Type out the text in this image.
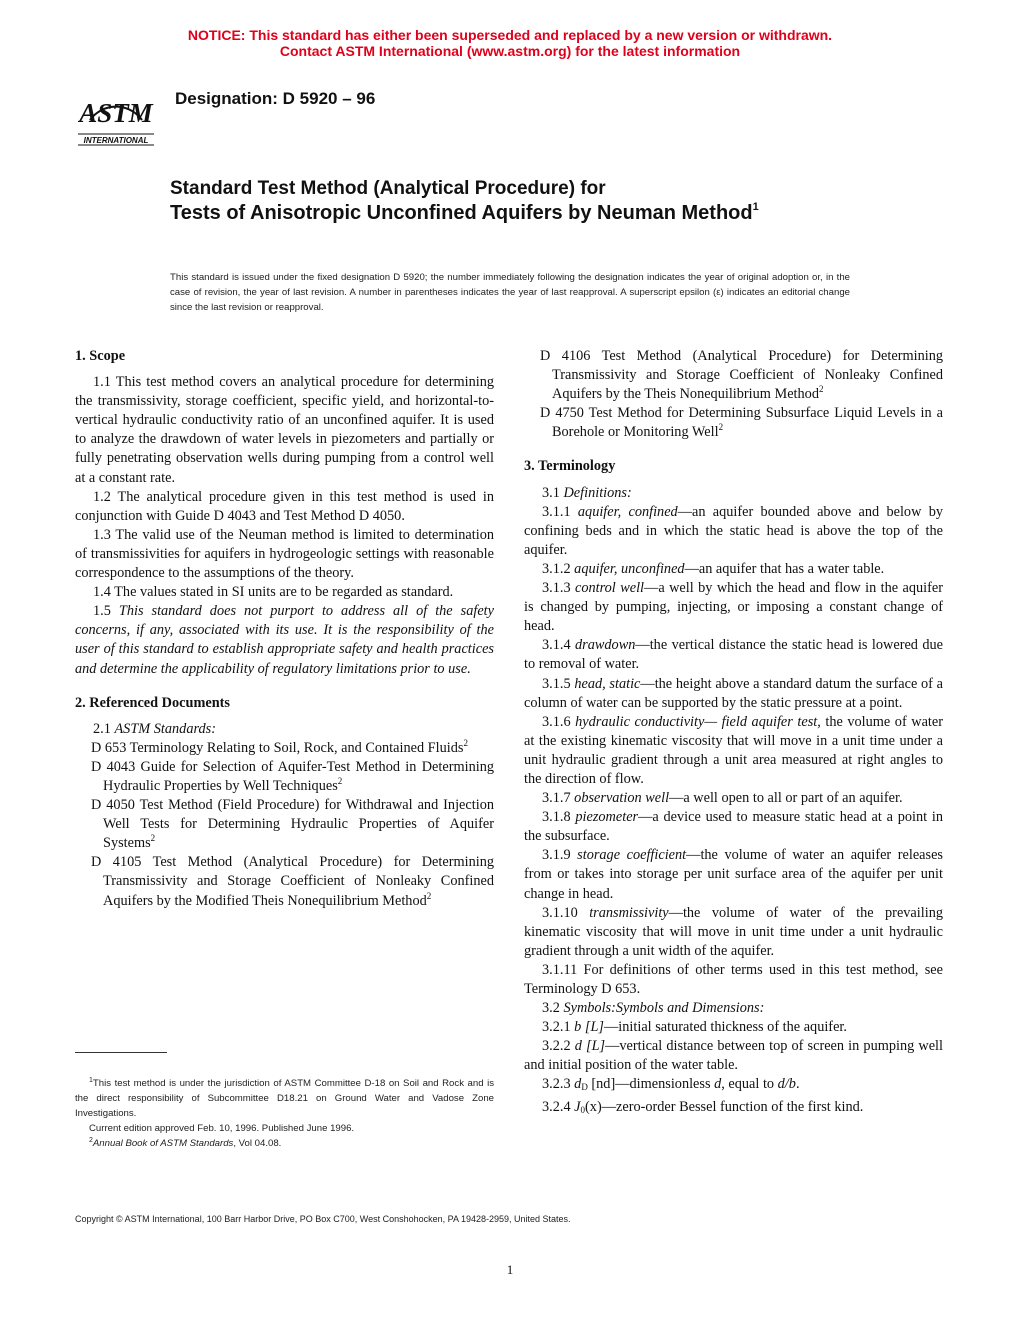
NOTICE: This standard has either been superseded and replaced by a new version or withdrawn.
Contact ASTM International (www.astm.org) for the latest information
ASTM
INTERNATIONAL
Designation: D 5920 – 96
Standard Test Method (Analytical Procedure) for
Tests of Anisotropic Unconfined Aquifers by Neuman Method$^1$
This standard is issued under the fixed designation D 5920; the number immediately following the designation indicates the year of original adoption or, in the case of revision, the year of last revision. A number in parentheses indicates the year of last reapproval. A superscript epsilon (ε) indicates an editorial change since the last revision or reapproval.
1. Scope
1.1 This test method covers an analytical procedure for determining the transmissivity, storage coefficient, specific yield, and horizontal-to-vertical hydraulic conductivity ratio of an unconfined aquifer. It is used to analyze the drawdown of water levels in piezometers and partially or fully penetrating observation wells during pumping from a control well at a constant rate.
1.2 The analytical procedure given in this test method is used in conjunction with Guide D 4043 and Test Method D 4050.
1.3 The valid use of the Neuman method is limited to determination of transmissivities for aquifers in hydrogeologic settings with reasonable correspondence to the assumptions of the theory.
1.4 The values stated in SI units are to be regarded as standard.
1.5 This standard does not purport to address all of the safety concerns, if any, associated with its use. It is the responsibility of the user of this standard to establish appropriate safety and health practices and determine the applicability of regulatory limitations prior to use.
2. Referenced Documents
2.1 ASTM Standards:
D 653 Terminology Relating to Soil, Rock, and Contained Fluids$^2$
D 4043 Guide for Selection of Aquifer-Test Method in Determining Hydraulic Properties by Well Techniques$^2$
D 4050 Test Method (Field Procedure) for Withdrawal and Injection Well Tests for Determining Hydraulic Properties of Aquifer Systems$^2$
D 4105 Test Method (Analytical Procedure) for Determining Transmissivity and Storage Coefficient of Nonleaky Confined Aquifers by the Modified Theis Nonequilibrium Method$^2$
D 4106 Test Method (Analytical Procedure) for Determining Transmissivity and Storage Coefficient of Nonleaky Confined Aquifers by the Theis Nonequilibrium Method$^2$
D 4750 Test Method for Determining Subsurface Liquid Levels in a Borehole or Monitoring Well$^2$
3. Terminology
3.1 Definitions:
3.1.1 aquifer, confined—an aquifer bounded above and below by confining beds and in which the static head is above the top of the aquifer.
3.1.2 aquifer, unconfined—an aquifer that has a water table.
3.1.3 control well—a well by which the head and flow in the aquifer is changed by pumping, injecting, or imposing a constant change of head.
3.1.4 drawdown—the vertical distance the static head is lowered due to removal of water.
3.1.5 head, static—the height above a standard datum the surface of a column of water can be supported by the static pressure at a point.
3.1.6 hydraulic conductivity— field aquifer test, the volume of water at the existing kinematic viscosity that will move in a unit time under a unit hydraulic gradient through a unit area measured at right angles to the direction of flow.
3.1.7 observation well—a well open to all or part of an aquifer.
3.1.8 piezometer—a device used to measure static head at a point in the subsurface.
3.1.9 storage coefficient—the volume of water an aquifer releases from or takes into storage per unit surface area of the aquifer per unit change in head.
3.1.10 transmissivity—the volume of water of the prevailing kinematic viscosity that will move in unit time under a unit hydraulic gradient through a unit width of the aquifer.
3.1.11 For definitions of other terms used in this test method, see Terminology D 653.
3.2 Symbols:Symbols and Dimensions:
3.2.1 b [L]—initial saturated thickness of the aquifer.
3.2.2 d [L]—vertical distance between top of screen in pumping well and initial position of the water table.
3.2.3 $d_D$ [nd]—dimensionless d, equal to d/b.
3.2.4 $J_0(x)—zero$-order Bessel function of the first kind.
$^1$This test method is under the jurisdiction of ASTM Committee D-18 on Soil and Rock and is the direct responsibility of Subcommittee D18.21 on Ground Water and Vadose Zone Investigations.
Current edition approved Feb. 10, 1996. Published June 1996.
$^2$Annual Book of ASTM Standards, Vol 04.08.
Copyright © ASTM International, 100 Barr Harbor Drive, PO Box C700, West Conshohocken, PA 19428-2959, United States.
1
